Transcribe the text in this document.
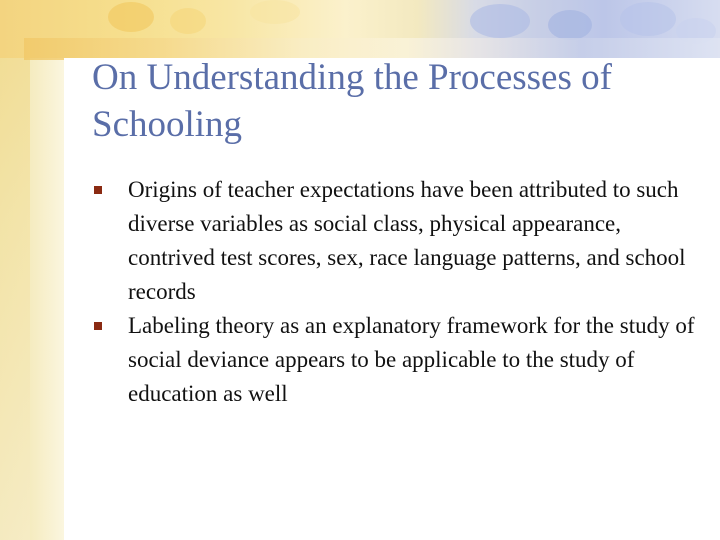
On Understanding the Processes of Schooling
Origins of teacher expectations have been attributed to such diverse variables as social class, physical appearance, contrived test scores, sex, race language patterns, and school records
Labeling theory as an explanatory framework for the study of social deviance appears to be applicable to the study of education as well
